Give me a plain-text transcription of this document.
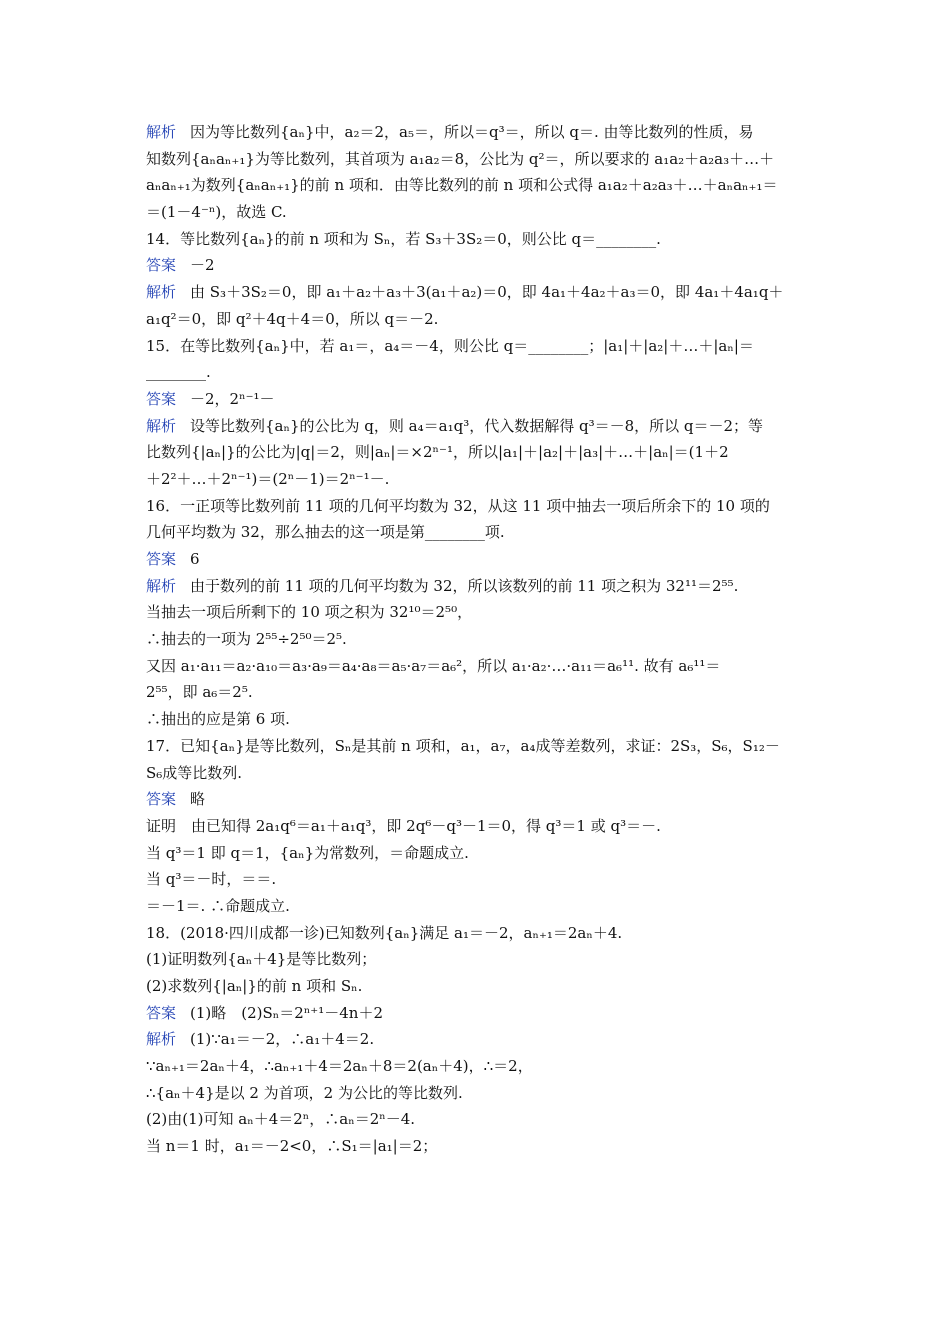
解析 因为等比数列{aₙ}中，a₂＝2，a₅＝，所以＝q³＝，所以 q＝. 由等比数列的性质，易
知数列{aₙaₙ₊₁}为等比数列，其首项为 a₁a₂＝8，公比为 q²＝，所以要求的 a₁a₂＋a₂a₃＋…＋
aₙaₙ₊₁为数列{aₙaₙ₊₁}的前 n 项和．由等比数列的前 n 项和公式得 a₁a₂＋a₂a₃＋…＋aₙaₙ₊₁＝
＝(1－4⁻ⁿ)，故选 C.
14．等比数列{aₙ}的前 n 项和为 Sₙ，若 S₃＋3S₂＝0，则公比 q＝________.
答案 －2
解析 由 S₃＋3S₂＝0，即 a₁＋a₂＋a₃＋3(a₁＋a₂)＝0，即 4a₁＋4a₂＋a₃＝0，即 4a₁＋4a₁q＋
a₁q²＝0，即 q²＋4q＋4＝0，所以 q＝－2.
15．在等比数列{aₙ}中，若 a₁＝，a₄＝－4，则公比 q＝________；|a₁|＋|a₂|＋…＋|aₙ|＝
________.
答案 －2，2ⁿ⁻¹－
解析 设等比数列{aₙ}的公比为 q，则 a₄＝a₁q³，代入数据解得 q³＝－8，所以 q＝－2；等
比数列{|aₙ|}的公比为|q|＝2，则|aₙ|＝×2ⁿ⁻¹，所以|a₁|＋|a₂|＋|a₃|＋…＋|aₙ|＝(1＋2
＋2²＋…＋2ⁿ⁻¹)＝(2ⁿ－1)＝2ⁿ⁻¹－.
16．一正项等比数列前 11 项的几何平均数为 32，从这 11 项中抽去一项后所余下的 10 项的
几何平均数为 32，那么抽去的这一项是第________项.
答案 6
解析 由于数列的前 11 项的几何平均数为 32，所以该数列的前 11 项之积为 32¹¹＝2⁵⁵.
当抽去一项后所剩下的 10 项之积为 32¹⁰＝2⁵⁰，
∴抽去的一项为 2⁵⁵÷2⁵⁰＝2⁵.
又因 a₁·a₁₁＝a₂·a₁₀＝a₃·a₉＝a₄·a₈＝a₅·a₇＝a₆²，所以 a₁·a₂·…·a₁₁＝a₆¹¹. 故有 a₆¹¹＝
2⁵⁵，即 a₆＝2⁵.
∴抽出的应是第 6 项.
17．已知{aₙ}是等比数列，Sₙ是其前 n 项和，a₁，a₇，a₄成等差数列，求证：2S₃，S₆，S₁₂－
S₆成等比数列.
答案 略
证明　由已知得 2a₁q⁶＝a₁＋a₁q³，即 2q⁶－q³－1＝0，得 q³＝1 或 q³＝－.
当 q³＝1 即 q＝1，{aₙ}为常数列，＝命题成立.
当 q³＝－时，＝＝.
＝－1＝. ∴命题成立.
18．(2018·四川成都一诊)已知数列{aₙ}满足 a₁＝－2，aₙ₊₁＝2aₙ＋4.
(1)证明数列{aₙ＋4}是等比数列；
(2)求数列{|aₙ|}的前 n 项和 Sₙ.
答案 (1)略　(2)Sₙ＝2ⁿ⁺¹－4n＋2
解析 (1)∵a₁＝－2，∴a₁＋4＝2.
∵aₙ₊₁＝2aₙ＋4，∴aₙ₊₁＋4＝2aₙ＋8＝2(aₙ＋4)，∴＝2，
∴{aₙ＋4}是以 2 为首项，2 为公比的等比数列.
(2)由(1)可知 aₙ＋4＝2ⁿ，∴aₙ＝2ⁿ－4.
当 n＝1 时，a₁＝－2<0，∴S₁＝|a₁|＝2；
